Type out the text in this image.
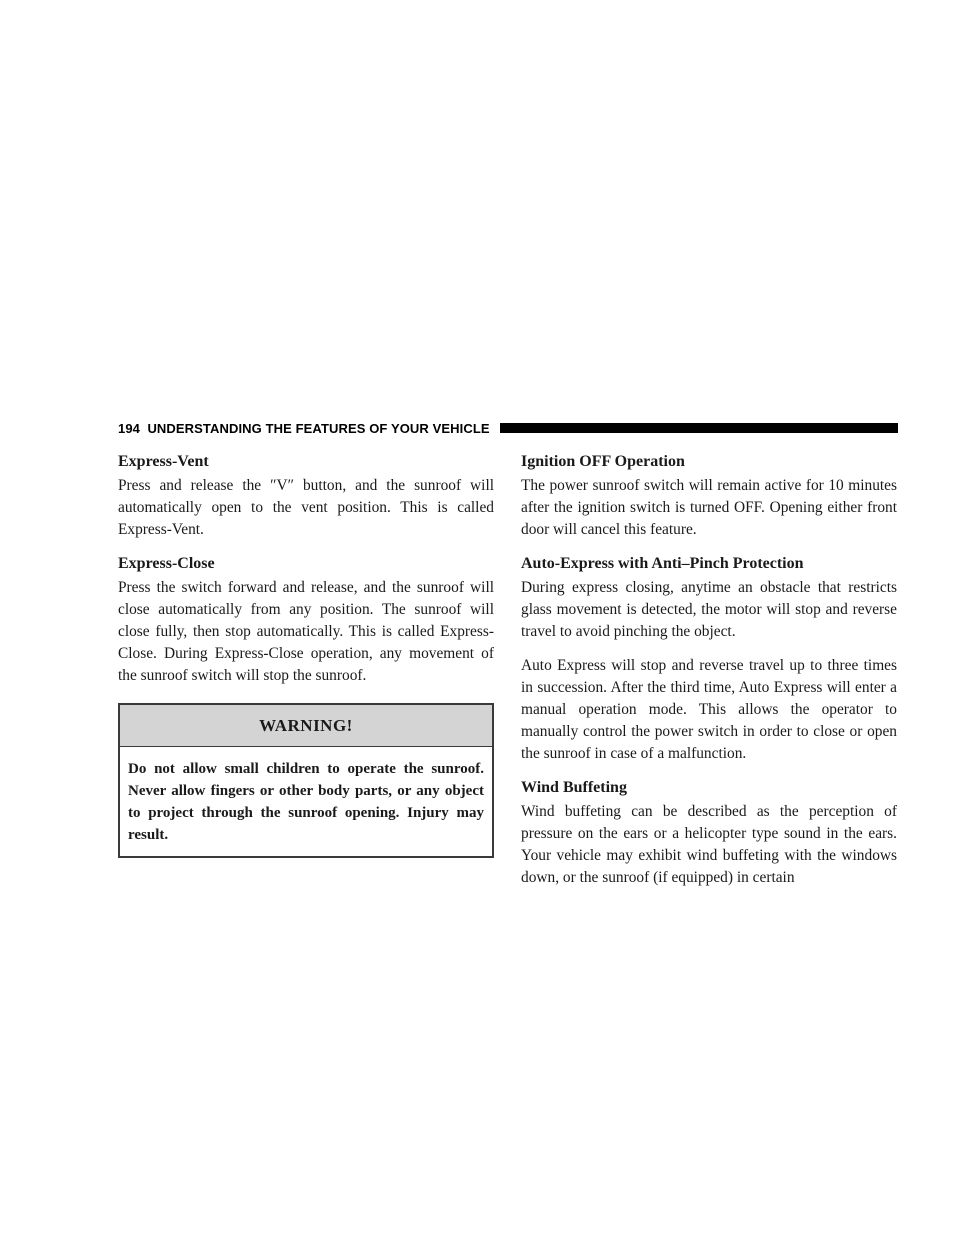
194 UNDERSTANDING THE FEATURES OF YOUR VEHICLE
Express-Vent

Press and release the ″V″ button, and the sunroof will automatically open to the vent position. This is called Express-Vent.

Express-Close

Press the switch forward and release, and the sunroof will close automatically from any position. The sunroof will close fully, then stop automatically. This is called Express-Close. During Express-Close operation, any movement of the sunroof switch will stop the sunroof.

WARNING!
Do not allow small children to operate the sunroof. Never allow fingers or other body parts, or any object to project through the sunroof opening. Injury may result.
Ignition OFF Operation

The power sunroof switch will remain active for 10 minutes after the ignition switch is turned OFF. Opening either front door will cancel this feature.

Auto-Express with Anti–Pinch Protection

During express closing, anytime an obstacle that restricts glass movement is detected, the motor will stop and reverse travel to avoid pinching the object.

Auto Express will stop and reverse travel up to three times in succession. After the third time, Auto Express will enter a manual operation mode. This allows the operator to manually control the power switch in order to close or open the sunroof in case of a malfunction.

Wind Buffeting

Wind buffeting can be described as the perception of pressure on the ears or a helicopter type sound in the ears. Your vehicle may exhibit wind buffeting with the windows down, or the sunroof (if equipped) in certain
